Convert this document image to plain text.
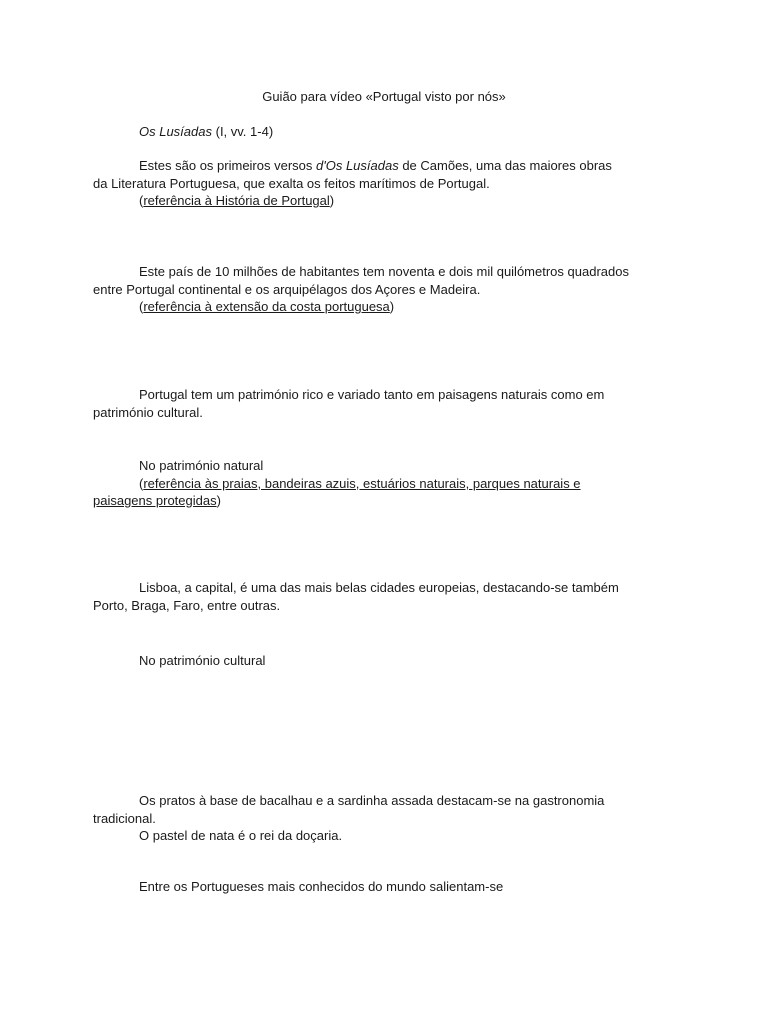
Guião para vídeo «Portugal visto por nós»

Os Lusíadas (I, vv. 1-4)

Estes são os primeiros versos d'Os Lusíadas de Camões, uma das maiores obras

da Literatura Portuguesa, que exalta os feitos marítimos de Portugal.

(referência à História de Portugal)

Este país de 10 milhões de habitantes tem noventa e dois mil quilómetros quadrados

entre Portugal continental e os arquipélagos dos Açores e Madeira.

(referência à extensão da costa portuguesa)

Portugal tem um património rico e variado tanto em paisagens naturais como em

património cultural.

No património natural

(referência às praias, bandeiras azuis, estuários naturais, parques naturais e

paisagens protegidas)

Lisboa, a capital, é uma das mais belas cidades europeias, destacando-se também

Porto, Braga, Faro, entre outras.

No património cultural

Os pratos à base de bacalhau e a sardinha assada destacam-se na gastronomia

tradicional.

O pastel de nata é o rei da doçaria.

Entre os Portugueses mais conhecidos do mundo salientam-se
